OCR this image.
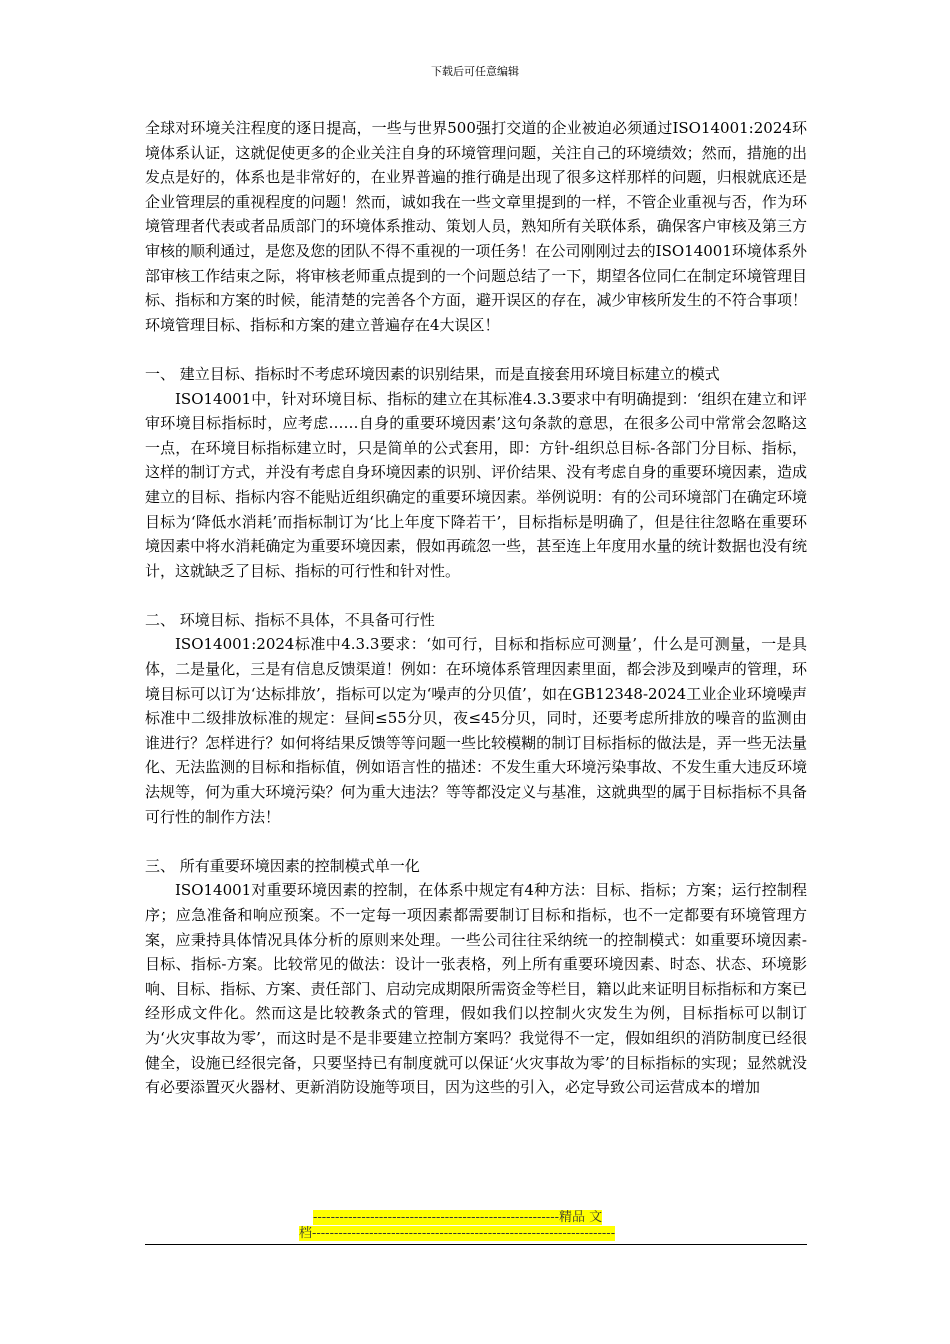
下载后可任意编辑

全球对环境关注程度的逐日提高，一些与世界500强打交道的企业被迫必须通过ISO14001:2024环境体系认证，这就促使更多的企业关注自身的环境管理问题，关注自己的环境绩效；然而，措施的出发点是好的，体系也是非常好的，在业界普遍的推行确是出现了很多这样那样的问题，归根就底还是企业管理层的重视程度的问题！然而，诚如我在一些文章里提到的一样，不管企业重视与否，作为环境管理者代表或者品质部门的环境体系推动、策划人员，熟知所有关联体系，确保客户审核及第三方审核的顺利通过，是您及您的团队不得不重视的一项任务！在公司刚刚过去的ISO14001环境体系外部审核工作结束之际，将审核老师重点提到的一个问题总结了一下，期望各位同仁在制定环境管理目标、指标和方案的时候，能清楚的完善各个方面，避开误区的存在，减少审核所发生的不符合事项！环境管理目标、指标和方案的建立普遍存在4大误区！

一、 建立目标、指标时不考虑环境因素的识别结果，而是直接套用环境目标建立的模式

ISO14001中，针对环境目标、指标的建立在其标准4.3.3要求中有明确提到：‘组织在建立和评审环境目标指标时，应考虑……自身的重要环境因素’这句条款的意思，在很多公司中常常会忽略这一点，在环境目标指标建立时，只是简单的公式套用，即：方针-组织总目标-各部门分目标、指标，这样的制订方式，并没有考虑自身环境因素的识别、评价结果、没有考虑自身的重要环境因素，造成建立的目标、指标内容不能贴近组织确定的重要环境因素。举例说明：有的公司环境部门在确定环境目标为‘降低水消耗’而指标制订为‘比上年度下降若干’，目标指标是明确了，但是往往忽略在重要环境因素中将水消耗确定为重要环境因素，假如再疏忽一些，甚至连上年度用水量的统计数据也没有统计，这就缺乏了目标、指标的可行性和针对性。

二、 环境目标、指标不具体，不具备可行性

ISO14001:2024标准中4.3.3要求：‘如可行，目标和指标应可测量’，什么是可测量，一是具体，二是量化，三是有信息反馈渠道！例如：在环境体系管理因素里面，都会涉及到噪声的管理，环境目标可以订为‘达标排放’，指标可以定为‘噪声的分贝值’，如在GB12348-2024工业企业环境噪声标准中二级排放标准的规定：昼间≤55分贝，夜≤45分贝，同时，还要考虑所排放的噪音的监测由谁进行？怎样进行？如何将结果反馈等等问题一些比较模糊的制订目标指标的做法是，弄一些无法量化、无法监测的目标和指标值，例如语言性的描述：不发生重大环境污染事故、不发生重大违反环境法规等，何为重大环境污染？何为重大违法？等等都没定义与基准，这就典型的属于目标指标不具备可行性的制作方法！

三、 所有重要环境因素的控制模式单一化

ISO14001对重要环境因素的控制，在体系中规定有4种方法：目标、指标；方案；运行控制程序；应急准备和响应预案。不一定每一项因素都需要制订目标和指标，也不一定都要有环境管理方案，应秉持具体情况具体分析的原则来处理。一些公司往往采纳统一的控制模式：如重要环境因素-目标、指标-方案。比较常见的做法：设计一张表格，列上所有重要环境因素、时态、状态、环境影响、目标、指标、方案、责任部门、启动完成期限所需资金等栏目，籍以此来证明目标指标和方案已经形成文件化。然而这是比较教条式的管理，假如我们以控制火灾发生为例，目标指标可以制订为‘火灾事故为零’，而这时是不是非要建立控制方案吗？我觉得不一定，假如组织的消防制度已经很健全，设施已经很完备，只要坚持已有制度就可以保证‘火灾事故为零’的目标指标的实现；显然就没有必要添置灭火器材、更新消防设施等项目，因为这些的引入，必定导致公司运营成本的增加

--------------------------------------------------------精品 文
档---------------------------------------------------------------------
